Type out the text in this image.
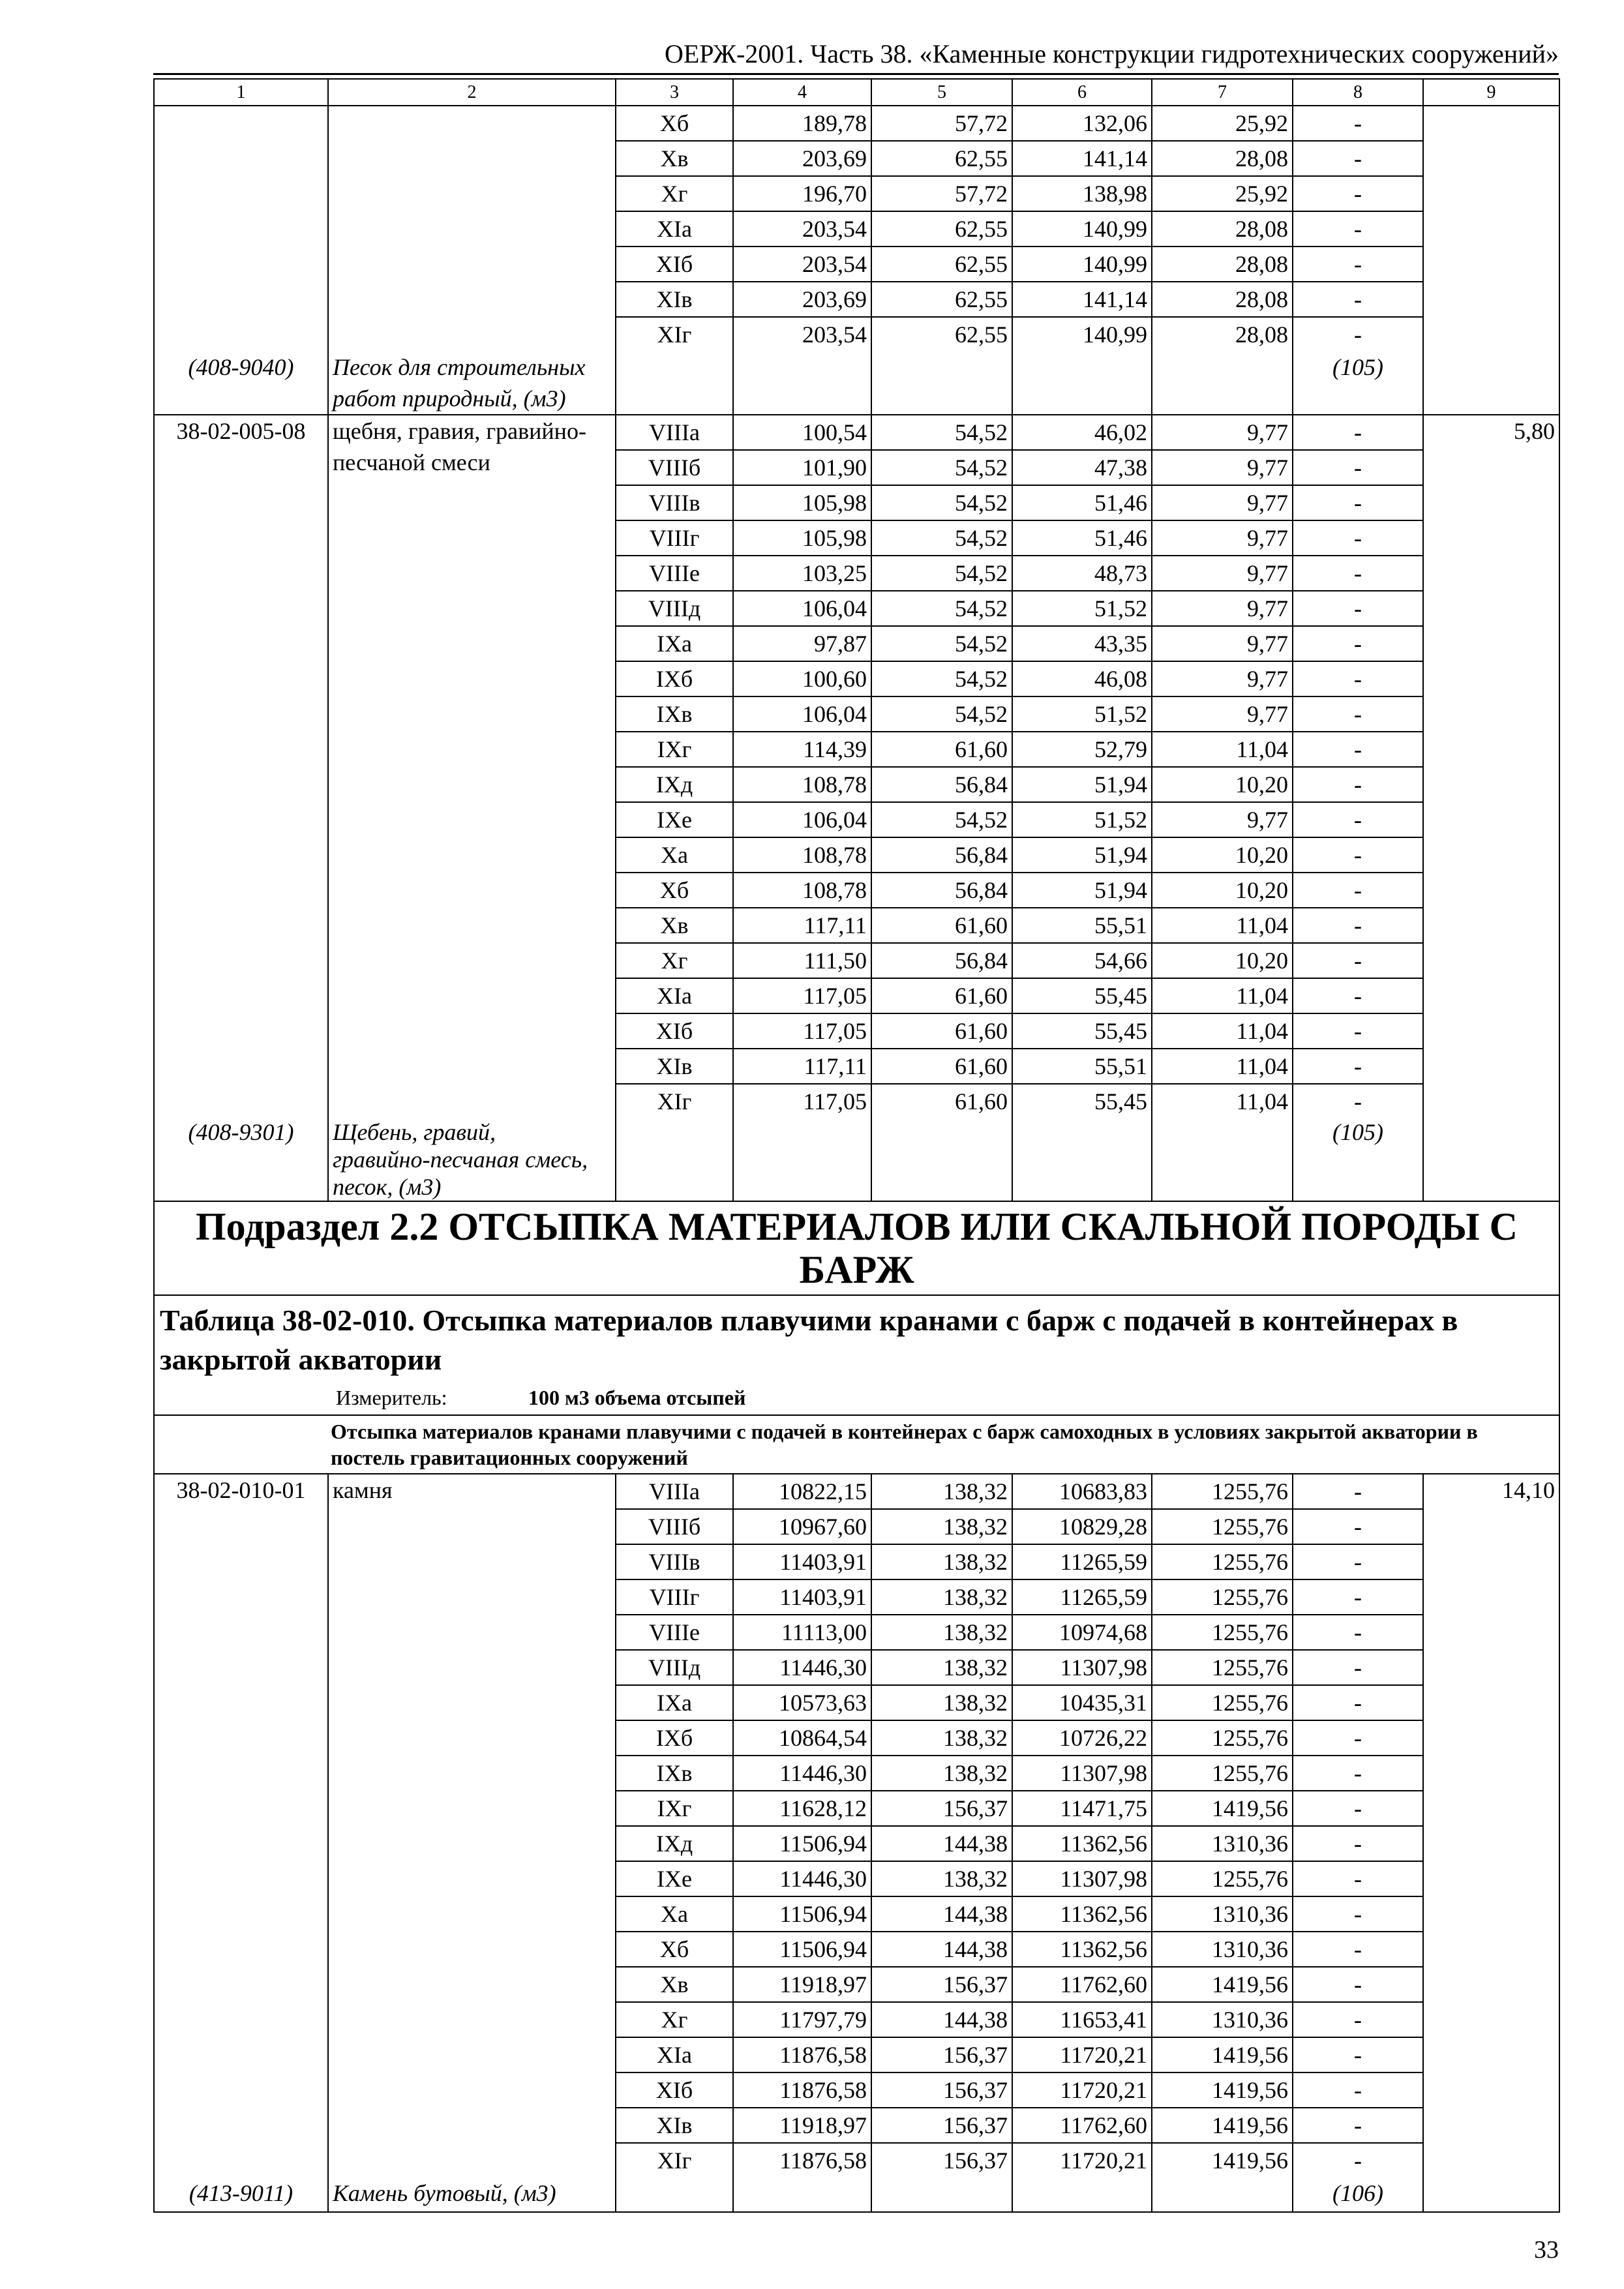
ОЕРЖ-2001. Часть 38. «Каменные конструкции гидротехнических сооружений»
1	2	3	4	5	6	7	8	9
		Xб	189,78	57,72	132,06	25,92	-	
		Xв	203,69	62,55	141,14	28,08	-	
		Xг	196,70	57,72	138,98	25,92	-	
		XIа	203,54	62,55	140,99	28,08	-	
		XIб	203,54	62,55	140,99	28,08	-	
		XIв	203,69	62,55	141,14	28,08	-	
		XIг	203,54	62,55	140,99	28,08	-	
(408-9040)	Песок для строительных
работ природный, (м3)						(105)	
38-02-005-08	щебня, гравия, гравийно-
песчаной смеси	VIIIа	100,54	54,52	46,02	9,77	-	5,80
		VIIIб	101,90	54,52	47,38	9,77	-	
		VIIIв	105,98	54,52	51,46	9,77	-	
		VIIIг	105,98	54,52	51,46	9,77	-	
		VIIIе	103,25	54,52	48,73	9,77	-	
		VIIIд	106,04	54,52	51,52	9,77	-	
		IXа	97,87	54,52	43,35	9,77	-	
		IXб	100,60	54,52	46,08	9,77	-	
		IXв	106,04	54,52	51,52	9,77	-	
		IXг	114,39	61,60	52,79	11,04	-	
		IXд	108,78	56,84	51,94	10,20	-	
		IXе	106,04	54,52	51,52	9,77	-	
		Xа	108,78	56,84	51,94	10,20	-	
		Xб	108,78	56,84	51,94	10,20	-	
		Xв	117,11	61,60	55,51	11,04	-	
		Xг	111,50	56,84	54,66	10,20	-	
		XIа	117,05	61,60	55,45	11,04	-	
		XIб	117,05	61,60	55,45	11,04	-	
		XIв	117,11	61,60	55,51	11,04	-	
		XIг	117,05	61,60	55,45	11,04	-	
(408-9301)	Щебень, гравий,
гравийно-песчаная смесь,
песок, (м3)						(105)	
Подраздел 2.2 ОТСЫПКА МАТЕРИАЛОВ ИЛИ СКАЛЬНОЙ ПОРОДЫ С БАРЖ								

Таблица 38-02-010. Отсыпка материалов плавучими кранами с барж с подачей в контейнерах в закрытой акватории
Измеритель: 100 м3 объема отсыпей								

Отсыпка материалов кранами плавучими с подачей в контейнерах с барж самоходных в условиях закрытой акватории в постель гравитационных сооружений								
38-02-010-01	камня	VIIIа	10822,15	138,32	10683,83	1255,76	-	14,10
		VIIIб	10967,60	138,32	10829,28	1255,76	-	
		VIIIв	11403,91	138,32	11265,59	1255,76	-	
		VIIIг	11403,91	138,32	11265,59	1255,76	-	
		VIIIе	11113,00	138,32	10974,68	1255,76	-	
		VIIIд	11446,30	138,32	11307,98	1255,76	-	
		IXа	10573,63	138,32	10435,31	1255,76	-	
		IXб	10864,54	138,32	10726,22	1255,76	-	
		IXв	11446,30	138,32	11307,98	1255,76	-	
		IXг	11628,12	156,37	11471,75	1419,56	-	
		IXд	11506,94	144,38	11362,56	1310,36	-	
		IXе	11446,30	138,32	11307,98	1255,76	-	
		Xа	11506,94	144,38	11362,56	1310,36	-	
		Xб	11506,94	144,38	11362,56	1310,36	-	
		Xв	11918,97	156,37	11762,60	1419,56	-	
		Xг	11797,79	144,38	11653,41	1310,36	-	
		XIа	11876,58	156,37	11720,21	1419,56	-	
		XIб	11876,58	156,37	11720,21	1419,56	-	
		XIв	11918,97	156,37	11762,60	1419,56	-	
		XIг	11876,58	156,37	11720,21	1419,56	-	
(413-9011)	Камень бутовый, (м3)						(106)	
33
